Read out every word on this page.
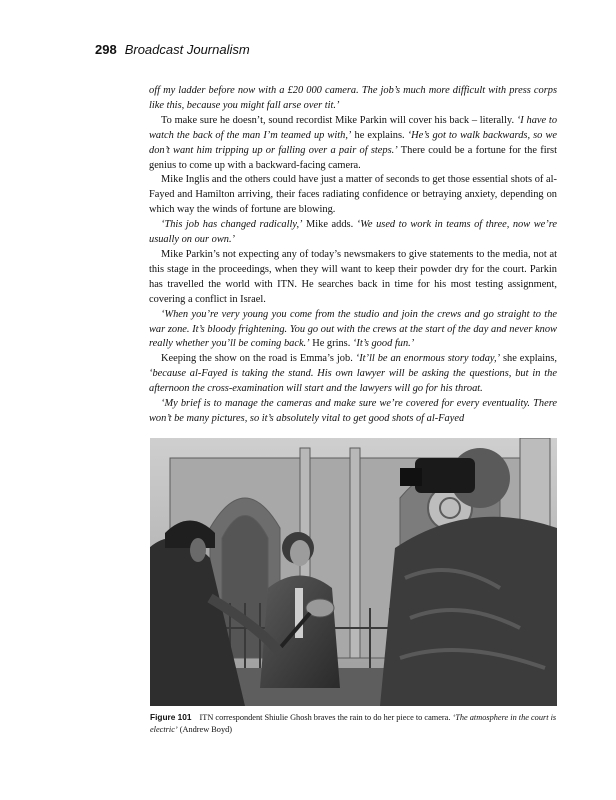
298 Broadcast Journalism

off my ladder before now with a £20 000 camera. The job’s much more difficult with press corps like this, because you might fall arse over tit.’

To make sure he doesn’t, sound recordist Mike Parkin will cover his back – literally. ‘I have to watch the back of the man I’m teamed up with,’ he explains. ‘He’s got to walk backwards, so we don’t want him tripping up or falling over a pair of steps.’ There could be a fortune for the first genius to come up with a backward-facing camera.

Mike Inglis and the others could have just a matter of seconds to get those essential shots of al-Fayed and Hamilton arriving, their faces radiating confidence or betraying anxiety, depending on which way the winds of fortune are blowing.

‘This job has changed radically,’ Mike adds. ‘We used to work in teams of three, now we’re usually on our own.’

Mike Parkin’s not expecting any of today’s newsmakers to give statements to the media, not at this stage in the proceedings, when they will want to keep their powder dry for the court. Parkin has travelled the world with ITN. He searches back in time for his most testing assignment, covering a conflict in Israel.

‘When you’re very young you come from the studio and join the crews and go straight to the war zone. It’s bloody frightening. You go out with the crews at the start of the day and never know really whether you’ll be coming back.’ He grins. ‘It’s good fun.’

Keeping the show on the road is Emma’s job. ‘It’ll be an enormous story today,’ she explains, ‘because al-Fayed is taking the stand. His own lawyer will be asking the questions, but in the afternoon the cross-examination will start and the lawyers will go for his throat.

‘My brief is to manage the cameras and make sure we’re covered for every eventuality. There won’t be many pictures, so it’s absolutely vital to get good shots of al-Fayed

Figure 101 ITN correspondent Shiulie Ghosh braves the rain to do her piece to camera. ‘The atmosphere in the court is electric’ (Andrew Boyd)
